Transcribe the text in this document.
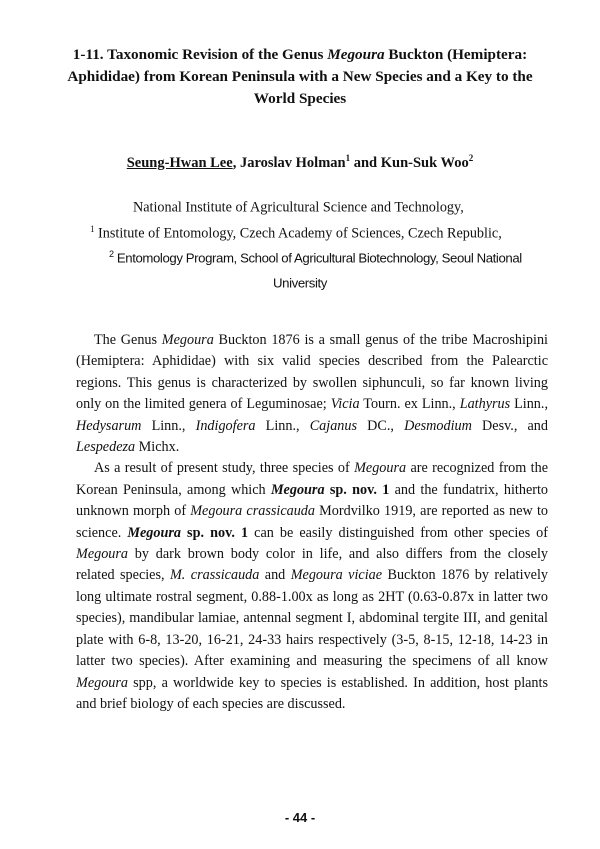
1-11. Taxonomic Revision of the Genus Megoura Buckton (Hemiptera: Aphididae) from Korean Peninsula with a New Species and a Key to the World Species

Seung-Hwan Lee, Jaroslav Holman$^1$ and Kun-Suk Woo$^2$

National Institute of Agricultural Science and Technology,
$^1$ Institute of Entomology, Czech Academy of Sciences, Czech Republic,
$^2$ Entomology Program, School of Agricultural Biotechnology, Seoul National
University

The Genus Megoura Buckton 1876 is a small genus of the tribe Macroshipini (Hemiptera: Aphididae) with six valid species described from the Palearctic regions. This genus is characterized by swollen siphunculi, so far known living only on the limited genera of Leguminosae; Vicia Tourn. ex Linn., Lathyrus Linn., Hedysarum Linn., Indigofera Linn., Cajanus DC., Desmodium Desv., and Lespedeza Michx.

As a result of present study, three species of Megoura are recognized from the Korean Peninsula, among which Megoura sp. nov. 1 and the fundatrix, hitherto unknown morph of Megoura crassicauda Mordvilko 1919, are reported as new to science. Megoura sp. nov. 1 can be easily distinguished from other species of Megoura by dark brown body color in life, and also differs from the closely related species, M. crassicauda and Megoura viciae Buckton 1876 by relatively long ultimate rostral segment, 0.88-1.00x as long as 2HT (0.63-0.87x in latter two species), mandibular lamiae, antennal segment I, abdominal tergite III, and genital plate with 6-8, 13-20, 16-21, 24-33 hairs respectively (3-5, 8-15, 12-18, 14-23 in latter two species). After examining and measuring the specimens of all know Megoura spp, a worldwide key to species is established. In addition, host plants and brief biology of each species are discussed.

- 44 -
